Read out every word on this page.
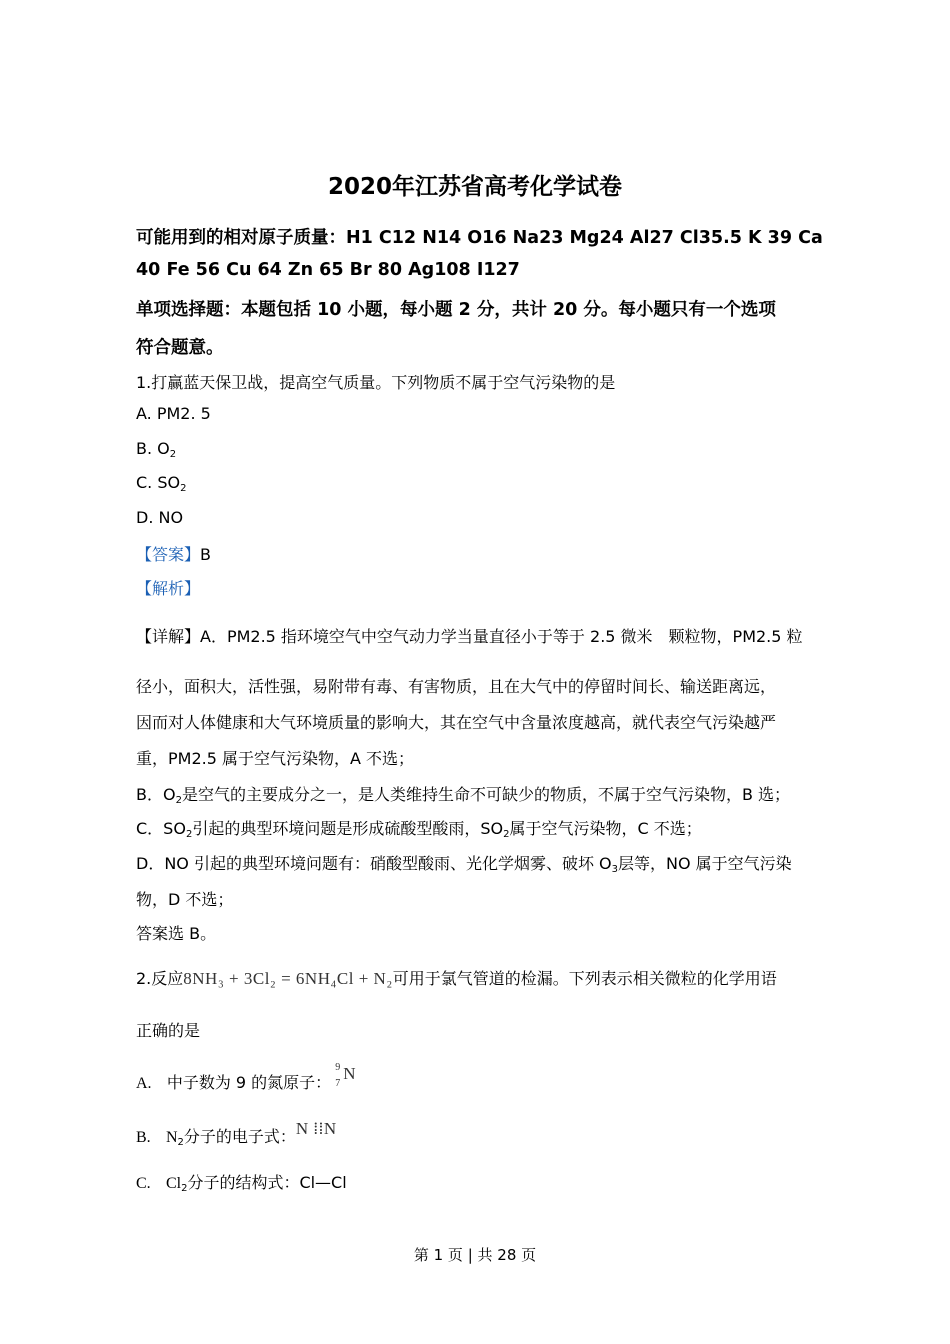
2020年江苏省高考化学试卷
可能用到的相对原子质量：H1 C12 N14 O16 Na23 Mg24 Al27 Cl35.5 K 39 Ca
40 Fe 56 Cu 64 Zn 65 Br 80 Ag108 I127
单项选择题：本题包括 10 小题，每小题 2 分，共计 20 分。每小题只有一个选项
符合题意。
1.打赢蓝天保卫战，提高空气质量。下列物质不属于空气污染物的是
A. PM2. 5
B. $O_2$
C. $SO_2$
D. NO
【答案】B
【解析】
【详解】A．PM2.5 指环境空气中空气动力学当量直径小于等于 2.5 微米　颗粒物，PM2.5 粒
径小，面积大，活性强，易附带有毒、有害物质，且在大气中的停留时间长、输送距离远，
因而对人体健康和大气环境质量的影响大，其在空气中含量浓度越高，就代表空气污染越严
重，PM2.5 属于空气污染物，A 不选；
B．$O_2$是空气的主要成分之一，是人类维持生命不可缺少的物质，不属于空气污染物，B 选；
C．$SO_2$引起的典型环境问题是形成硫酸型酸雨，$SO_2$属于空气污染物，C 不选；
D．NO 引起的典型环境问题有：硝酸型酸雨、光化学烟雾、破坏 $O_3$层等，NO 属于空气污染
物，D 不选；
答案选 B。
2.反应8NH₃ + 3Cl₂ = 6NH₄Cl + N₂可用于氯气管道的检漏。下列表示相关微粒的化学用语
正确的是
A. 中子数为 9 的氮原子：
9
7
N
B. $N_2$分子的电子式：N ⁞⁞N
C. $Cl_2$分子的结构式：Cl—Cl
第 1 页 | 共 28 页
